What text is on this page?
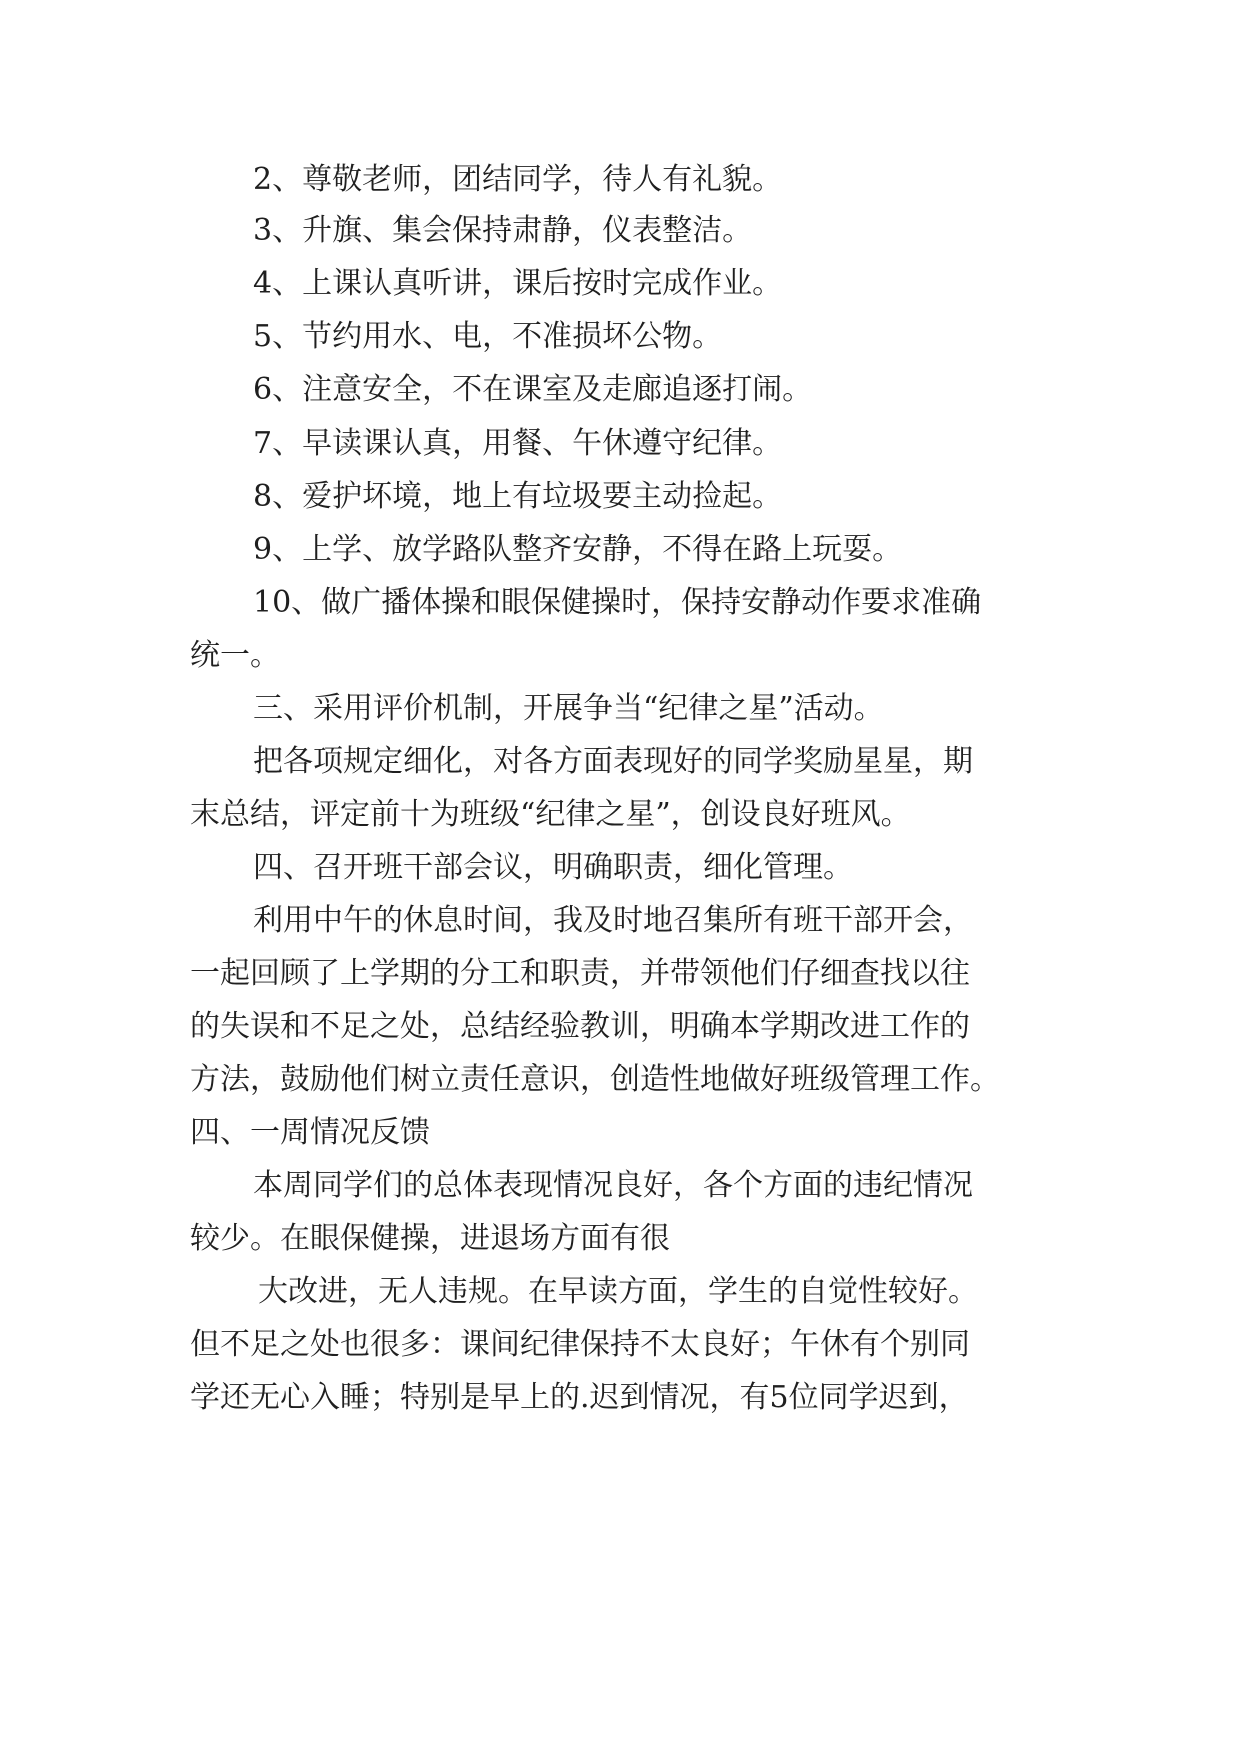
2、尊敬老师，团结同学，待人有礼貌。
3、升旗、集会保持肃静，仪表整洁。
4、上课认真听讲，课后按时完成作业。
5、节约用水、电，不准损坏公物。
6、注意安全，不在课室及走廊追逐打闹。
7、早读课认真，用餐、午休遵守纪律。
8、爱护坏境，地上有垃圾要主动捡起。
9、上学、放学路队整齐安静，不得在路上玩耍。
10、做广播体操和眼保健操时，保持安静动作要求准确
统一。
三、采用评价机制，开展争当“纪律之星”活动。
把各项规定细化，对各方面表现好的同学奖励星星，期
末总结，评定前十为班级“纪律之星”，创设良好班风。
四、召开班干部会议，明确职责，细化管理。
利用中午的休息时间，我及时地召集所有班干部开会，
一起回顾了上学期的分工和职责，并带领他们仔细查找以往
的失误和不足之处，总结经验教训，明确本学期改进工作的
方法，鼓励他们树立责任意识，创造性地做好班级管理工作。
四、一周情况反馈
本周同学们的总体表现情况良好，各个方面的违纪情况
较少。在眼保健操，进退场方面有很
大改进，无人违规。在早读方面，学生的自觉性较好。
但不足之处也很多：课间纪律保持不太良好；午休有个别同
学还无心入睡；特别是早上的.迟到情况，有5位同学迟到，
